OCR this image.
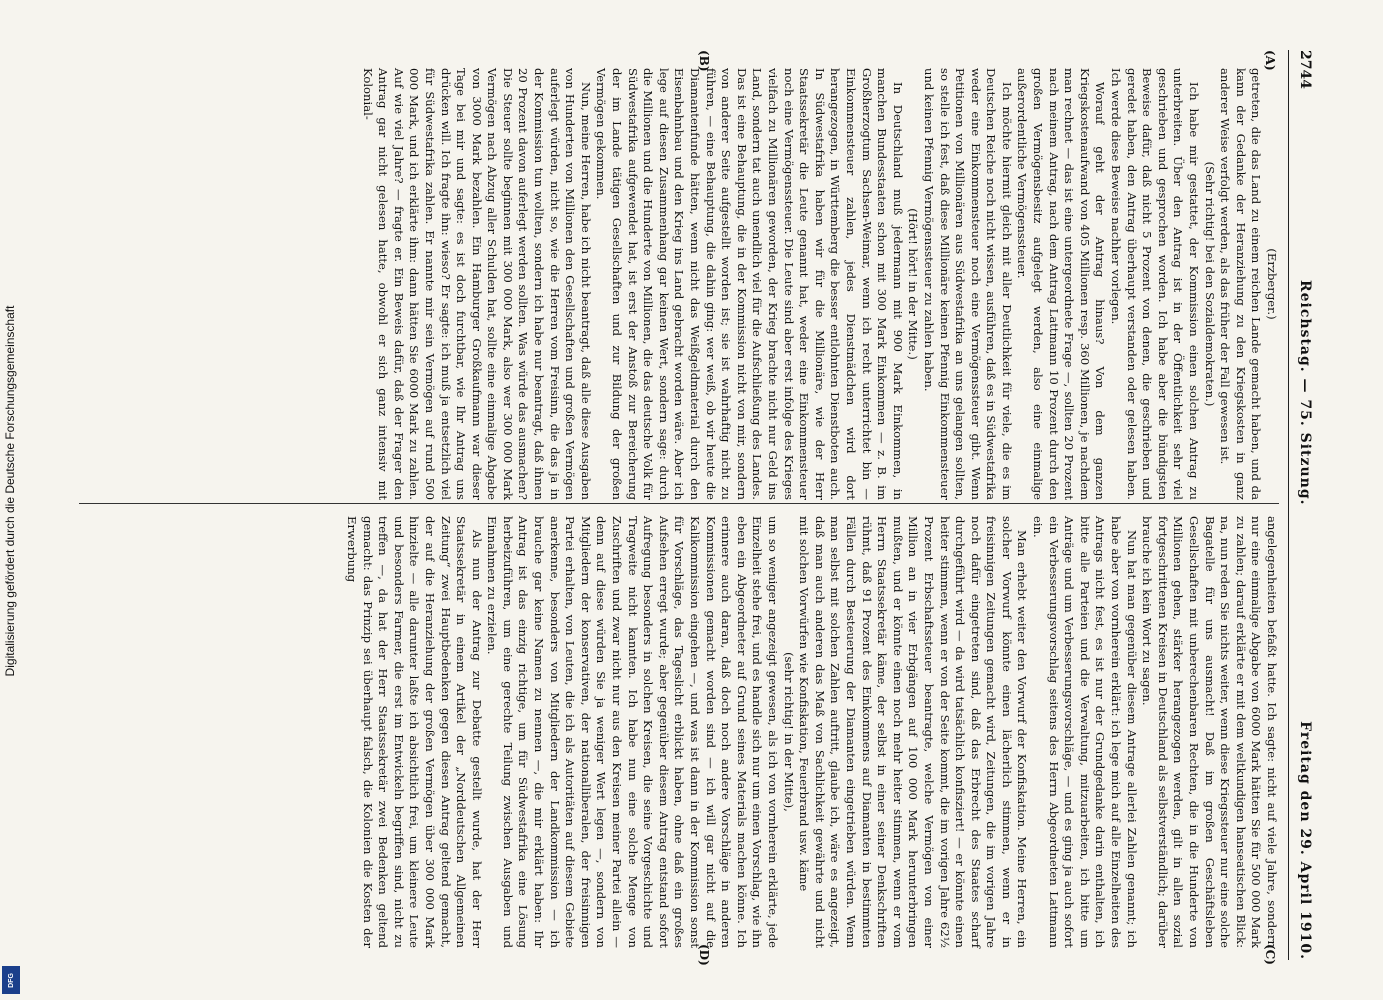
Digitalisierung gefördert durch die Deutsche Forschungsgemeinschaft
DFG
2744
Reichstag. — 75. Sitzung.
Freitag den 29. April 1910.
(A)
(B)
(C)
(D)

(Erzberger.)

getreten, die das Land zu einem reichen Lande gemacht haben, und da kann der Gedanke der Heranziehung zu den Kriegskosten in ganz anderer Weise verfolgt werden, als das früher der Fall gewesen ist.

(Sehr richtig! bei den Sozialdemokraten.)

Ich habe mir gestattet, der Kommission einen solchen Antrag zu unterbreiten. Über den Antrag ist in der Öffentlichkeit sehr viel geschrieben und gesprochen worden. Ich habe aber die bündigsten Beweise dafür, daß nicht 5 Prozent von denen, die geschrieben und geredet haben, den Antrag überhaupt verstanden oder gelesen haben. Ich werde diese Beweise nachher vorlegen.

Worauf geht der Antrag hinaus? Von dem ganzen Kriegskostenaufwand von 405 Millionen resp. 360 Millionen, je nachdem man rechnet — das ist eine untergeordnete Frage —, sollten 20 Prozent nach meinem Antrag, nach dem Antrag Lattmann 10 Prozent durch den großen Vermögensbesitz aufgelegt werden, also eine einmalige außerordentliche Vermögenssteuer.

Ich möchte hiermit gleich mit aller Deutlichkeit für viele, die es im Deutschen Reiche noch nicht wissen, ausführen, daß es in Südwestafrika weder eine Einkommensteuer noch eine Vermögenssteuer gibt. Wenn Petitionen von Millionären aus Südwestafrika an uns gelangen sollten, so stelle ich fest, daß diese Millionäre keinen Pfennig Einkommensteuer und keinen Pfennig Vermögenssteuer zu zahlen haben.

(Hört! hört! in der Mitte.)

In Deutschland muß jedermann mit 900 Mark Einkommen, in manchen Bundesstaaten schon mit 300 Mark Einkommen — z. B. im Großherzogtum Sachsen-Weimar, wenn ich recht unterrichtet bin — Einkommensteuer zahlen, jedes Dienstmädchen wird dort herangezogen, in Württemberg die besser entlohnten Dienstboten auch. In Südwestafrika haben wir für die Millionäre, wie der Herr Staatssekretär die Leute genannt hat, weder eine Einkommensteuer noch eine Vermögenssteuer. Die Leute sind aber erst infolge des Krieges vielfach zu Millionären geworden, der Krieg brachte nicht nur Geld ins Land, sondern tat auch unendlich viel für die Aufschließung des Landes. Das ist eine Behauptung, die in der Kommission nicht von mir, sondern von anderer Seite aufgestellt worden ist; sie ist wahrhaftig nicht zu führen, — eine Behauptung, die dahin ging: wer weiß, ob wir heute die Diamantenfunde hätten, wenn nicht das Weißgeldmaterial durch den Eisenbahnbau und den Krieg ins Land gebracht worden wäre. Aber ich lege auf diesen Zusammenhang gar keinen Wert, sondern sage: durch die Millionen und die Hunderte von Millionen, die das deutsche Volk für Südwestafrika aufgewendet hat, ist erst der Anstoß zur Bereicherung der im Lande tätigen Gesellschaften und zur Bildung der großen Vermögen gekommen.

Nun, meine Herren, habe ich nicht beantragt, daß alle diese Ausgaben von Hunderten von Millionen den Gesellschaften und großen Vermögen auferlegt würden, nicht so, wie die Herren vom Freisinn, die das ja in der Kommission tun wollten, sondern ich habe nur beantragt, daß ihnen 20 Prozent davon auferlegt werden sollten. Was würde das ausmachen? Die Steuer sollte beginnen mit 300 000 Mark, also wer 300 000 Mark Vermögen nach Abzug aller Schulden hat, sollte eine einmalige Abgabe von 3000 Mark bezahlen. Ein Hamburger Großkaufmann war dieser Tage bei mir und sagte: es ist doch furchtbar, wie Ihr Antrag uns drücken will. Ich fragte ihn: wieso? Er sagte: ich muß ja entsetzlich viel für Südwestafrika zahlen. Er nannte mir sein Vermögen auf rund 500 000 Mark, und ich erklärte ihm: dann hätten Sie 6000 Mark zu zahlen. Auf wie viel Jahre? — fragte er. Ein Beweis dafür, daß der Frager den Antrag gar nicht gelesen hatte, obwohl er sich ganz intensiv mit Kolonial-

angelegenheiten befaßt hatte. Ich sagte: nicht auf viele Jahre, sondern nur eine einmalige Abgabe von 6000 Mark hätten Sie für 500 000 Mark zu zahlen; darauf erklärte er mit dem weltkundigen hanseatischen Blick: na, nun reden Sie nichts weiter, wenn diese Kriegssteuer nur eine solche Bagatelle für uns ausmacht! Daß im großen Geschäftsleben Gesellschaften mit unberechenbaren Rechten, die in die Hunderte von Millionen gehen, stärker herangezogen werden, gilt in allen sozial fortgeschrittenen Kreisen in Deutschland als selbstverständlich; darüber brauche ich kein Wort zu sagen.

Nun hat man gegenüber diesem Antrage allerlei Zahlen genannt; ich habe aber von vornherein erklärt: ich lege mich auf alle Einzelheiten des Antrags nicht fest, es ist nur der Grundgedanke darin enthalten, ich bitte alle Parteien und die Verwaltung, mitzuarbeiten, ich bitte um Anträge und um Verbesserungsvorschläge, — und es ging ja auch sofort ein Verbesserungsvorschlag seitens des Herrn Abgeordneten Lattmann ein.

Man erhebt weiter den Vorwurf der Konfiskation. Meine Herren, ein solcher Vorwurf könnte einen lächerlich stimmen, wenn er in freisinnigen Zeitungen gemacht wird, Zeitungen, die im vorigen Jahre noch dafür eingetreten sind, daß das Erbrecht des Staates scharf durchgeführt wird — da wird tatsächlich konfisziert! — er könnte einen heiter stimmen, wenn er von der Seite kommt, die im vorigen Jahre 62½ Prozent Erbschaftssteuer beantragte, welche Vermögen von einer Million an in vier Erbgängen auf 100 000 Mark herunterbringen mußten, und er könnte einen noch mehr heiter stimmen, wenn er vom Herrn Staatssekretär käme, der selbst in einer seiner Denkschriften rühmt, daß 91 Prozent des Einkommens auf Diamanten in bestimmten Fällen durch Besteuerung der Diamanten eingetrieben würden. Wenn man selbst mit solchen Zahlen auftritt, glaube ich, wäre es angezeigt, daß man auch anderen das Maß von Sachlichkeit gewährte und nicht mit solchen Vorwürfen wie Konfiskation, Feuerbrand usw. käme

(sehr richtig! in der Mitte),

um so weniger angezeigt gewesen, als ich von vornherein erklärte, jede Einzelheit stehe frei, und es handle sich nur um einen Vorschlag, wie ihn eben ein Abgeordneter auf Grund seines Materials machen könne. Ich erinnere auch daran, daß doch noch andere Vorschläge in anderen Kommissionen gemacht worden sind — ich will gar nicht auf die Kalikommission eingehen —, und was ist dann in der Kommission sonst für Vorschläge, das Tageslicht erblickt haben, ohne daß ein großes Aufsehen erregt wurde; aber gegenüber diesem Antrag entstand sofort Aufregung besonders in solchen Kreisen, die seine Vorgeschichte und Tragweite nicht kannten. Ich habe nun eine solche Menge von Zuschriften und zwar nicht nur aus den Kreisen meiner Partei allein — denn auf diese würden Sie ja weniger Wert legen —, sondern von Mitgliedern der konservativen, der nationalliberalen, der freisinnigen Partei erhalten, von Leuten, die ich als Autoritäten auf diesem Gebiete anerkenne, besonders von Mitgliedern der Landkommission — ich brauche gar keine Namen zu nennen —, die mir erklärt haben: Ihr Antrag ist das einzig richtige, um für Südwestafrika eine Lösung herbeizuführen, um eine gerechte Teilung zwischen Ausgaben und Einnahmen zu erzielen.

Als nun der Antrag zur Debatte gestellt wurde, hat der Herr Staatssekretär in einem Artikel der „Norddeutschen Allgemeinen Zeitung“ zwei Hauptbedenken gegen diesen Antrag geltend gemacht, der auf die Heranziehung der großen Vermögen über 300 000 Mark hinzielte — alle darunter laßte ich absichtlich frei, um kleinere Leute und besonders Farmer, die erst im Entwickeln begriffen sind, nicht zu treffen —, da hat der Herr Staatssekretär zwei Bedenken geltend gemacht: das Prinzip sei überhaupt falsch, die Kolonien die Kosten der Erwerbung
